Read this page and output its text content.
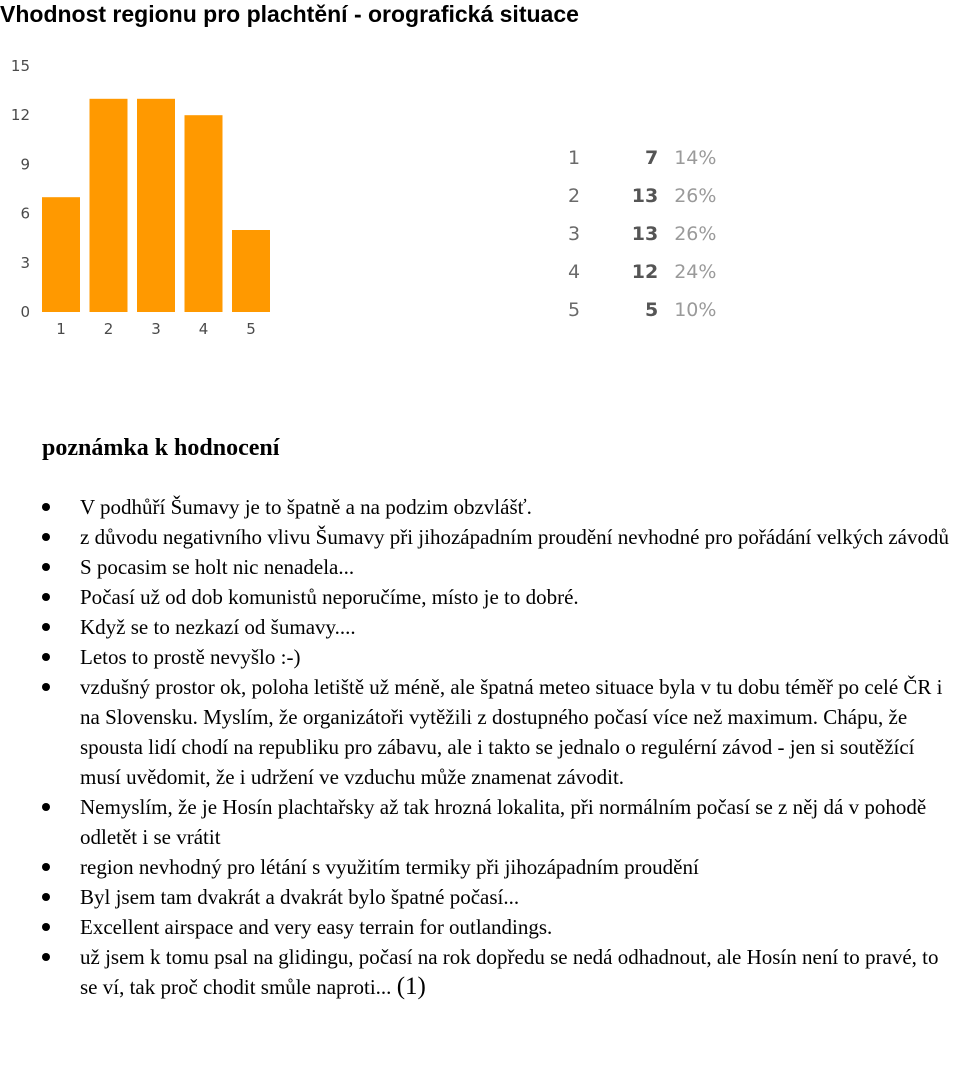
Vhodnost regionu pro plachtění - orografická situace
0
3
6
9
12
15
1	2	3	4	5
1	7 14%
2	13 26%
3	13 26%
4	12 24%
5	5 10%
poznámka k hodnocení
V podhůří Šumavy je to špatně a na podzim obzvlášť.
z důvodu negativního vlivu Šumavy při jihozápadním proudění nevhodné pro pořádání velkých závodů
S pocasim se holt nic nenadela...
Počasí už od dob komunistů neporučíme, místo je to dobré.
Když se to nezkazí od šumavy....
Letos to prostě nevyšlo :-)
vzdušný prostor ok, poloha letiště už méně, ale špatná meteo situace byla v tu dobu téměř po celé ČR i na Slovensku. Myslím, že organizátoři vytěžili z dostupného počasí více než maximum. Chápu, že spousta lidí chodí na republiku pro zábavu, ale i takto se jednalo o regulérní závod - jen si soutěžící musí uvědomit, že i udržení ve vzduchu může znamenat závodit.
Nemyslím, že je Hosín plachtařsky až tak hrozná lokalita, při normálním počasí se z něj dá v pohodě odletět i se vrátit
region nevhodný pro létání s využitím termiky při jihozápadním proudění
Byl jsem tam dvakrát a dvakrát bylo špatné počasí...
Excellent airspace and very easy terrain for outlandings.
už jsem k tomu psal na glidingu, počasí na rok dopředu se nedá odhadnout, ale Hosín není to pravé, to se ví, tak proč chodit smůle naproti... (1)
